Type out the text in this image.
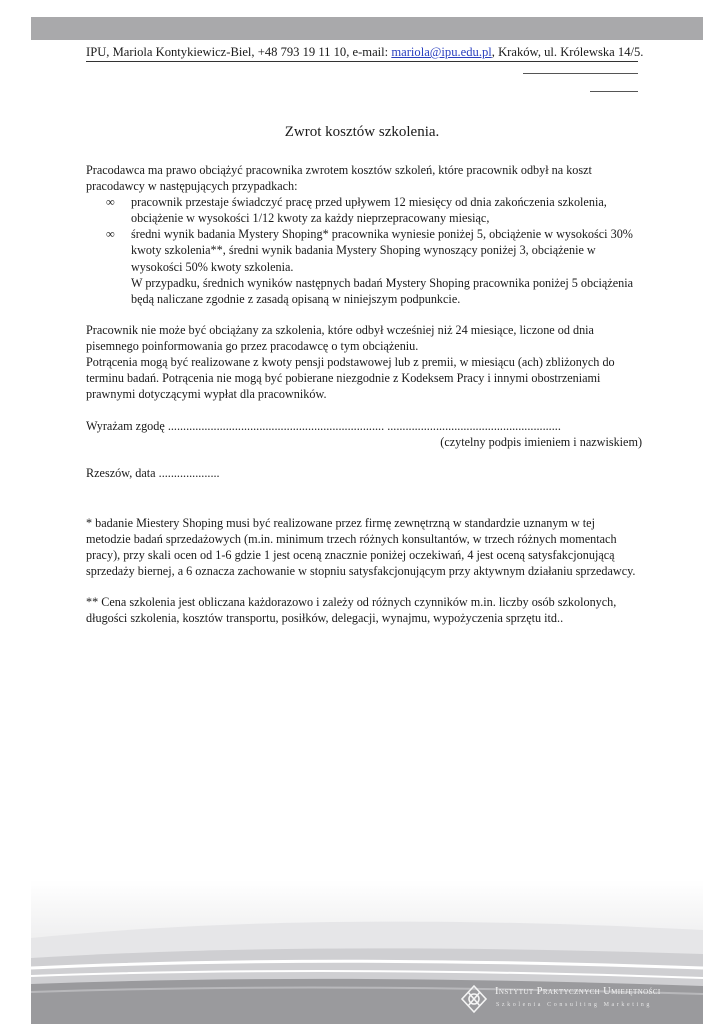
IPU, Mariola Kontykiewicz-Biel, +48 793 19 11 10, e-mail: mariola@ipu.edu.pl, Kraków, ul. Królewska 14/5.
Zwrot kosztów szkolenia.

Pracodawca ma prawo obciążyć pracownika zwrotem kosztów szkoleń, które pracownik odbył na koszt pracodawcy w następujących przypadkach:

∞ pracownik przestaje świadczyć pracę przed upływem 12 miesięcy od dnia zakończenia szkolenia, obciążenie w wysokości 1/12 kwoty za każdy nieprzepracowany miesiąc,
∞ średni wynik badania Mystery Shoping* pracownika wyniesie poniżej 5, obciążenie w wysokości 30% kwoty szkolenia**, średni wynik badania Mystery Shoping wynoszący poniżej 3, obciążenie w wysokości 50% kwoty szkolenia.

W przypadku, średnich wyników następnych badań Mystery Shoping pracownika poniżej 5 obciążenia będą naliczane zgodnie z zasadą opisaną w niniejszym podpunkcie.

Pracownik nie może być obciążany za szkolenia, które odbył wcześniej niż 24 miesiące, liczone od dnia pisemnego poinformowania go przez pracodawcę o tym obciążeniu.

Potrącenia mogą być realizowane z kwoty pensji podstawowej lub z premii, w miesiącu (ach) zbliżonych do terminu badań. Potrącenia nie mogą być pobierane niezgodnie z Kodeksem Pracy i innymi obostrzeniami prawnymi dotyczącymi wypłat dla pracowników.

Wyrażam zgodę ....................................................................... .........................................................
(czytelny podpis imieniem i nazwiskiem)
Rzeszów, data ....................

* badanie Miestery Shoping musi być realizowane przez firmę zewnętrzną w standardzie uznanym w tej metodzie badań sprzedażowych (m.in. minimum trzech różnych konsultantów, w trzech różnych momentach pracy), przy skali ocen od 1-6 gdzie 1 jest oceną znacznie poniżej oczekiwań, 4 jest oceną satysfakcjonującą sprzedaży biernej, a 6 oznacza zachowanie w stopniu satysfakcjonującym przy aktywnym działaniu sprzedawcy.

** Cena szkolenia jest obliczana każdorazowo i zależy od różnych czynników m.in. liczby osób szkolonych, długości szkolenia, kosztów transportu, posiłków, delegacji, wynajmu, wypożyczenia sprzętu itd..

Instytut Praktycznych Umiejętności
Szkolenia Consulting Marketing
